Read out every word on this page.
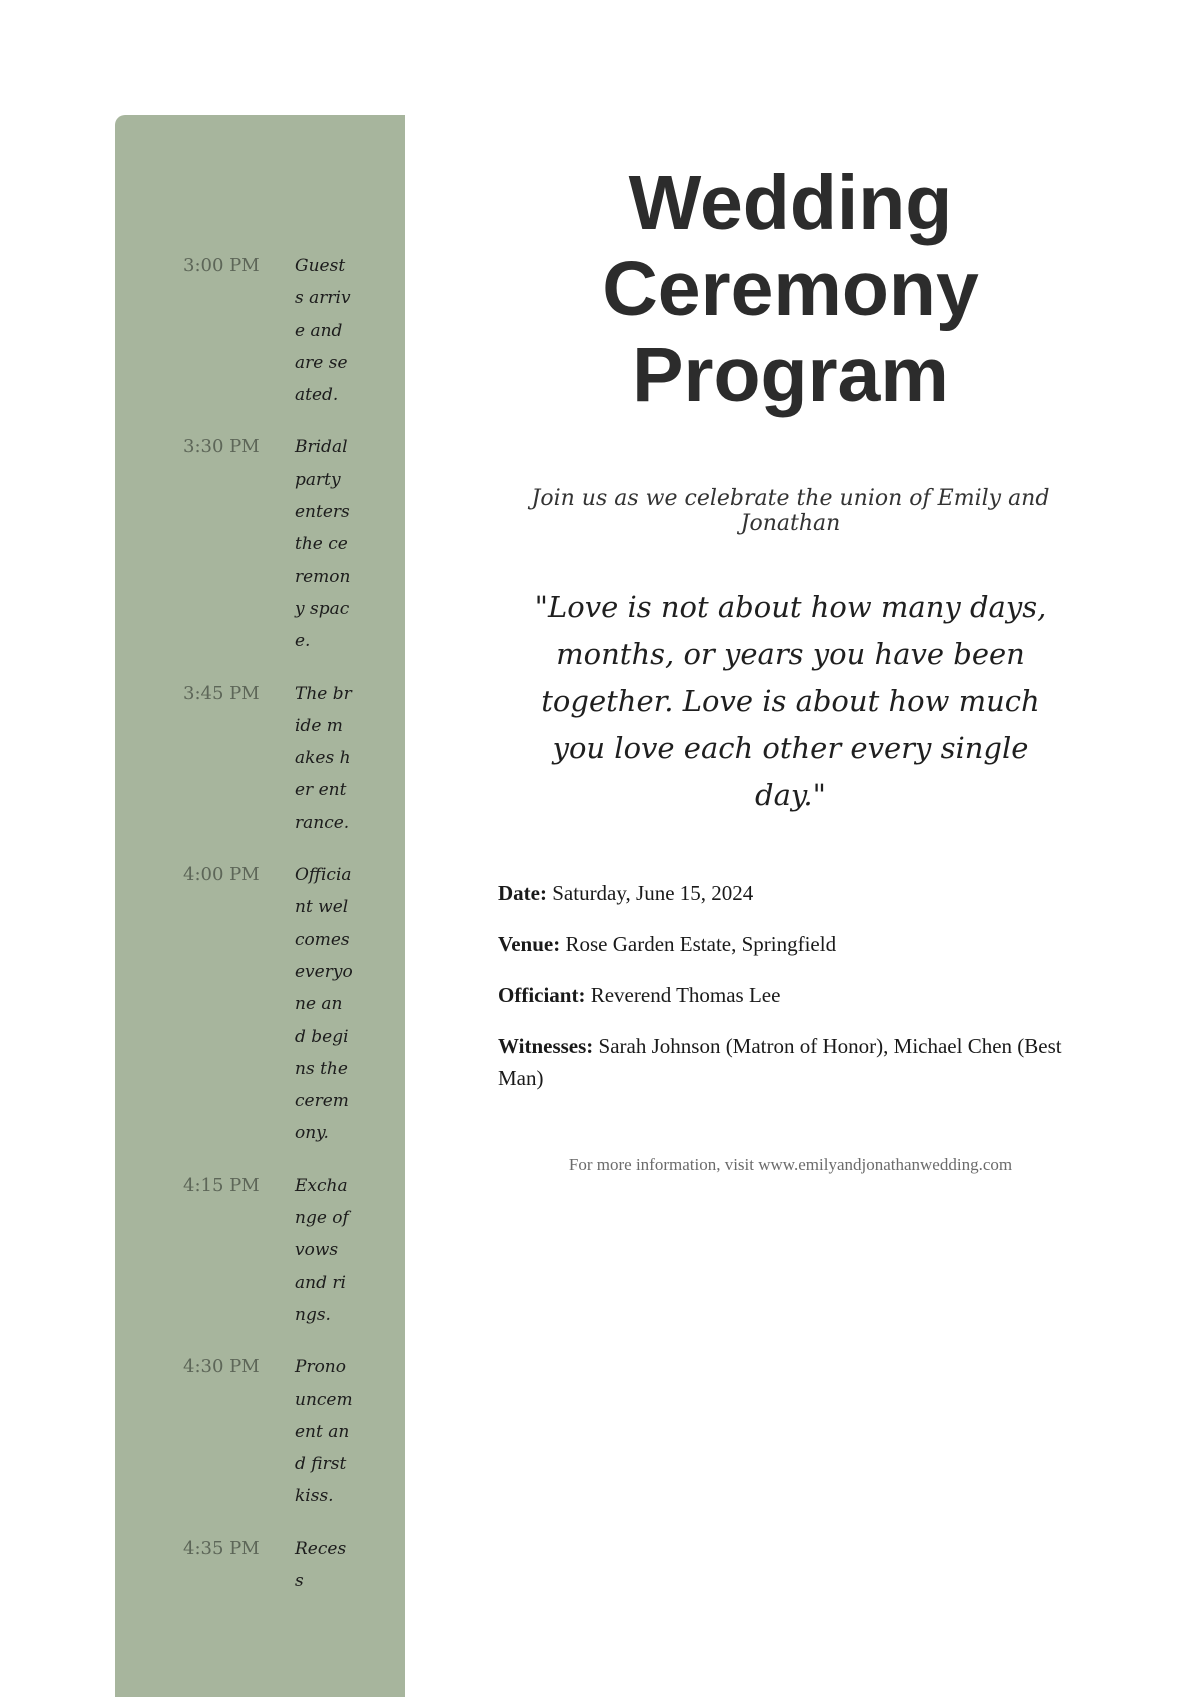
3:00 PM	Guests arrive and are seated.
3:30 PM	Bridal party enters the ceremony space.
3:45 PM	The bride makes her entrance.
4:00 PM	Officiant welcomes everyone and begins the ceremony.
4:15 PM	Exchange of vows and rings.
4:30 PM	Pronouncement and first kiss.
4:35 PM	Recess
Wedding Ceremony Program
Join us as we celebrate the union of Emily and Jonathan
"Love is not about how many days, months, or years you have been together. Love is about how much you love each other every single day."
Date: Saturday, June 15, 2024
Venue: Rose Garden Estate, Springfield
Officiant: Reverend Thomas Lee
Witnesses: Sarah Johnson (Matron of Honor), Michael Chen (Best Man)
For more information, visit www.emilyandjonathanwedding.com
